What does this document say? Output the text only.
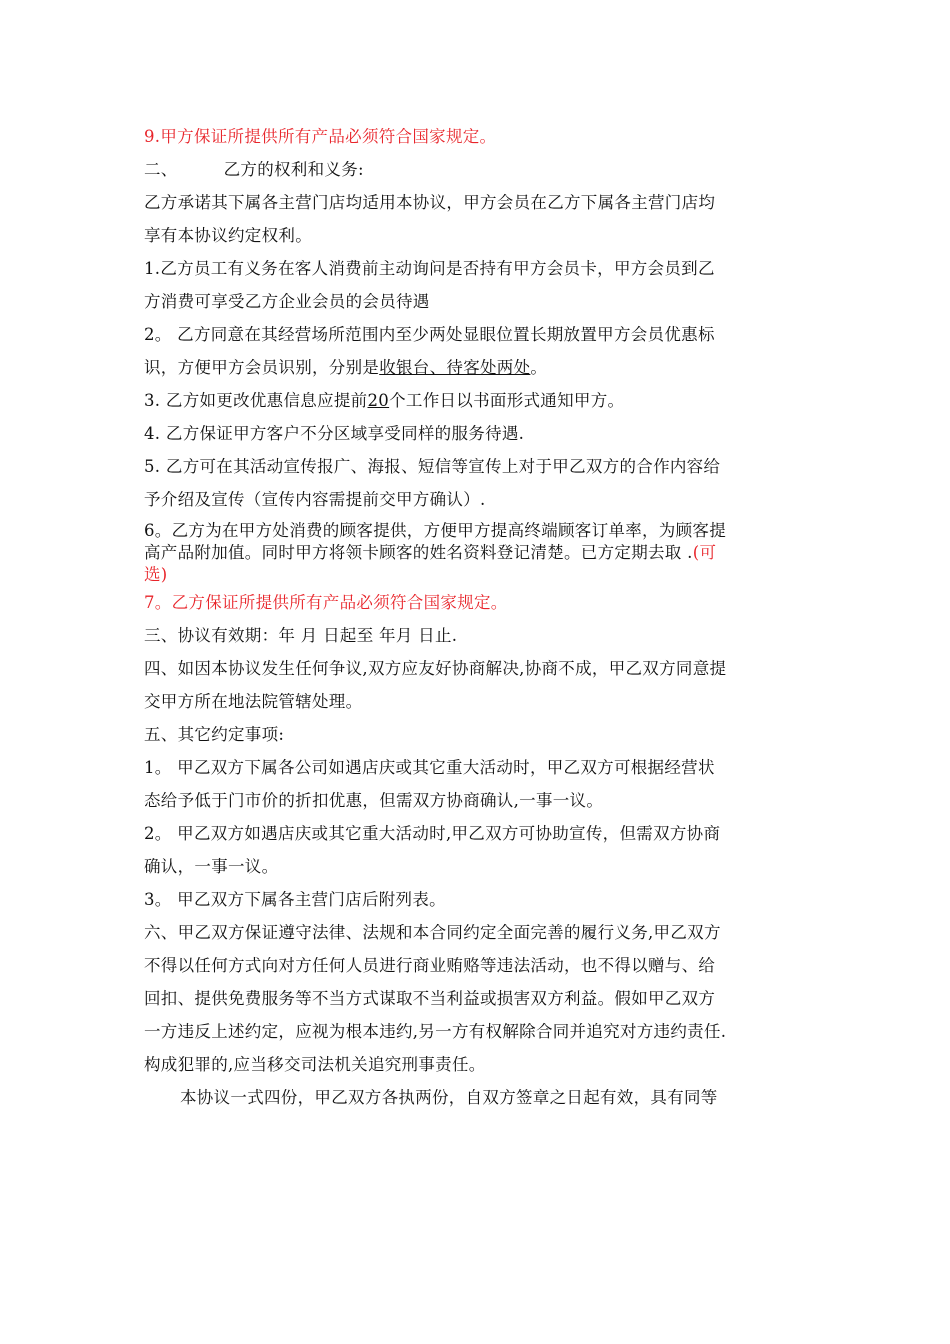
9.甲方保证所提供所有产品必须符合国家规定。
二、	乙方的权利和义务:
乙方承诺其下属各主营门店均适用本协议，甲方会员在乙方下属各主营门店均
享有本协议约定权利。
1.乙方员工有义务在客人消费前主动询问是否持有甲方会员卡，甲方会员到乙
方消费可享受乙方企业会员的会员待遇
2。 乙方同意在其经营场所范围内至少两处显眼位置长期放置甲方会员优惠标
识，方便甲方会员识别，分别是收银台、待客处两处。
3. 乙方如更改优惠信息应提前20个工作日以书面形式通知甲方。
4. 乙方保证甲方客户不分区域享受同样的服务待遇.
5. 乙方可在其活动宣传报广、海报、短信等宣传上对于甲乙双方的合作内容给
予介绍及宣传（宣传内容需提前交甲方确认）.
6。乙方为在甲方处消费的顾客提供，方便甲方提高终端顾客订单率，为顾客提
高产品附加值。同时甲方将领卡顾客的姓名资料登记清楚。已方定期去取 .(可
选)
7。乙方保证所提供所有产品必须符合国家规定。
三、协议有效期：年 月 日起至 年月 日止.
四、如因本协议发生任何争议,双方应友好协商解决,协商不成，甲乙双方同意提
交甲方所在地法院管辖处理。
五、其它约定事项:
1。 甲乙双方下属各公司如遇店庆或其它重大活动时，甲乙双方可根据经营状
态给予低于门市价的折扣优惠，但需双方协商确认,一事一议。
2。 甲乙双方如遇店庆或其它重大活动时,甲乙双方可协助宣传，但需双方协商
确认，一事一议。
3。 甲乙双方下属各主营门店后附列表。
六、甲乙双方保证遵守法律、法规和本合同约定全面完善的履行义务,甲乙双方
不得以任何方式向对方任何人员进行商业贿赂等违法活动，也不得以赠与、给
回扣、提供免费服务等不当方式谋取不当利益或损害双方利益。假如甲乙双方
一方违反上述约定，应视为根本违约,另一方有权解除合同并追究对方违约责任.
构成犯罪的,应当移交司法机关追究刑事责任。
本协议一式四份，甲乙双方各执两份，自双方签章之日起有效，具有同等
